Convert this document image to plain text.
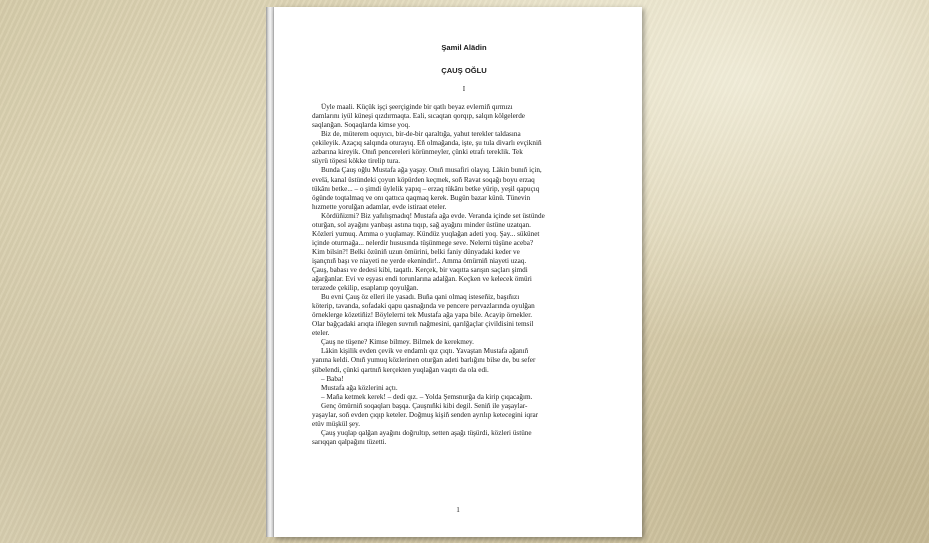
Şamil Alädin
ÇAUŞ OĞLU
I

Üyle maali. Küçük işçi şeerçiginde bir qatlı beyaz evlerniñ qırmızı
damlarını iyül küneşi qızdırmaqta. Eali, sıcaqtan qorqıp, salqın kölgelerde
saqlanğan. Soqaqlarda kimse yoq.

Biz de, müterem oquyıcı, bir-de-bir qaraltığa, yahut terekler taldasına
çekileyik. Azaçıq salqında oturayıq. Eñ olmağanda, işte, şu tula divarlı evçikniñ
azbarına kireyik. Onıñ pencereleri körünmeyler, çünki etrafı tereklik. Tek
süyrü töpesi kökke tirelip tura.

Bunda Çauş oğlu Mustafa ağa yaşay. Onıñ musafiri olayıq. Läkin bunıñ için,
evelä, kanal üstündeki çoyun köpürden keçmek, soñ Ravat soqağı boyu erzaq
tükânı betke... – o şimdi üylelik yapıq – erzaq tükânı betke yürip, yeşil qapuçıq
ögünde toqtalmaq ve onı qattıca qaqmaq kerek. Bugün bazar künü. Tünevin
hızmette yorulğan adamlar, evde istiraat eteler.

Kördüñizmi? Biz yañılışmadıq! Mustafa ağa evde. Veranda içinde set üstünde
oturğan, sol ayağını yanbaşı astına tıqıp, sağ ayağını minder üstüne uzatqan.
Közleri yumuq. Amma o yuqlamay. Kündüz yuqlağan adeti yoq. Şay... sükünet
içinde oturmağa... nelerdir hususında tüşünmege seve. Nelerni tüşüne aceba?
Kim bilsin?! Belki özüniñ uzun ömürini, belki faniy dünyadaki keder ve
işançnıñ başı ve niayeti ne yerde ekenindir!.. Amma ömürniñ niayeti uzaq.
Çauş, babası ve dedesi kibi, taqatlı. Kerçek, bir vaqıtta sarışın saçları şimdi
ağarğanlar. Evi ve eşyası endi torunlarına adalğan. Keçken ve kelecek ömüri
terazede çekilip, esaplanıp qoyulğan.

Bu evni Çauş öz elleri ile yasadı. Buña qani olmaq isteseñiz, başıñızı
köterip, tavanda, sofadaki qapu qasnağında ve pencere pervazlarında oyulğan
örneklerge közetiñiz! Böylelerni tek Mustafa ağa yapa bile. Acayip örnekler.
Olar bağçadaki arıqta iñlegen suvnıñ nağmesini, qarılğaçlar çivildisini temsil
eteler.

Çauş ne tüşene? Kimse bilmey. Bilmek de kerekmey.

Läkin kişilik evden çevik ve endamlı qız çıqtı. Yavaştan Mustafa ağanıñ
yanına keldi. Onıñ yumuq közlerinen oturğan adeti barlığını bilse de, bu sefer
şübelendi, çünki qartnıñ kerçekten yuqlağan vaqıtı da ola edi.

– Baba!

Mustafa ağa közlerini açtı.

– Maña ketmek kerek! – dedi qız. – Yolda Şemsnurğa da kirip çıqacağım.

Genç ömürniñ soqaqları başqa. Çauşnıñki kibi degil. Seniñ ile yaşaylar-
yaşaylar, soñ evden çıqıp keteler. Doğmuş kişiñ senden ayrılıp ketecegini iqrar
etüv müşkül şey.

Çauş yuqlap qalğan ayağını doğrultıp, setten aşağı tüşürdi, közleri üstüne
sarıqqan qalpağını tüzetti.

1
